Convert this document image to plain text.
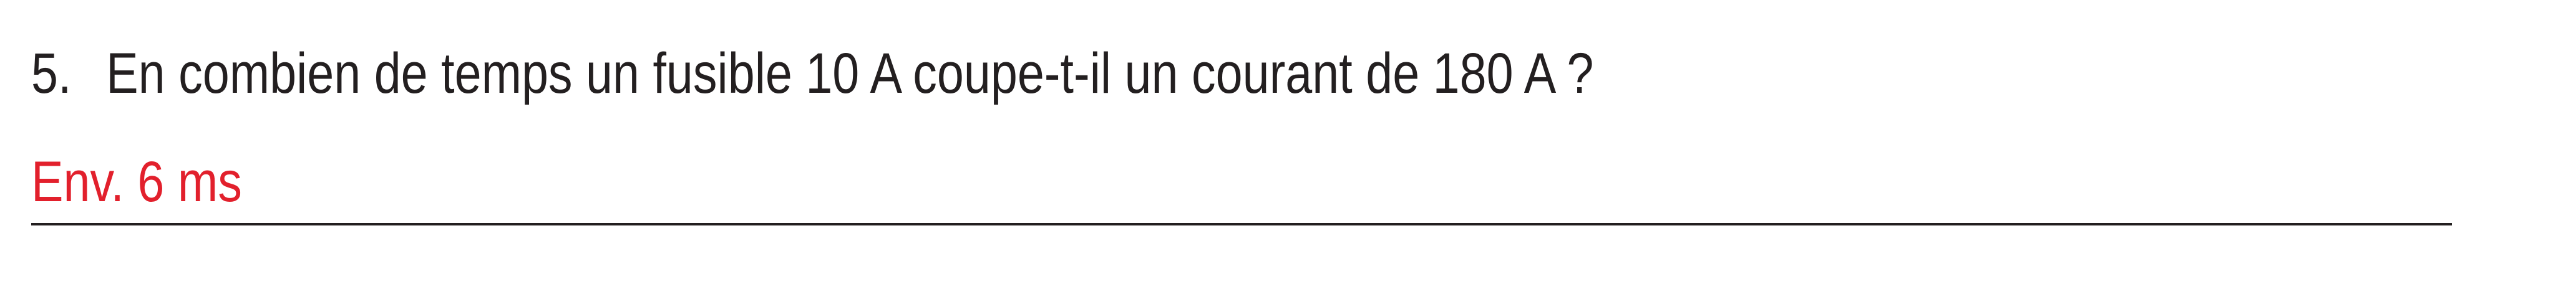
5. En combien de temps un fusible 10 A coupe-t-il un courant de 180 A ?
Env. 6 ms
